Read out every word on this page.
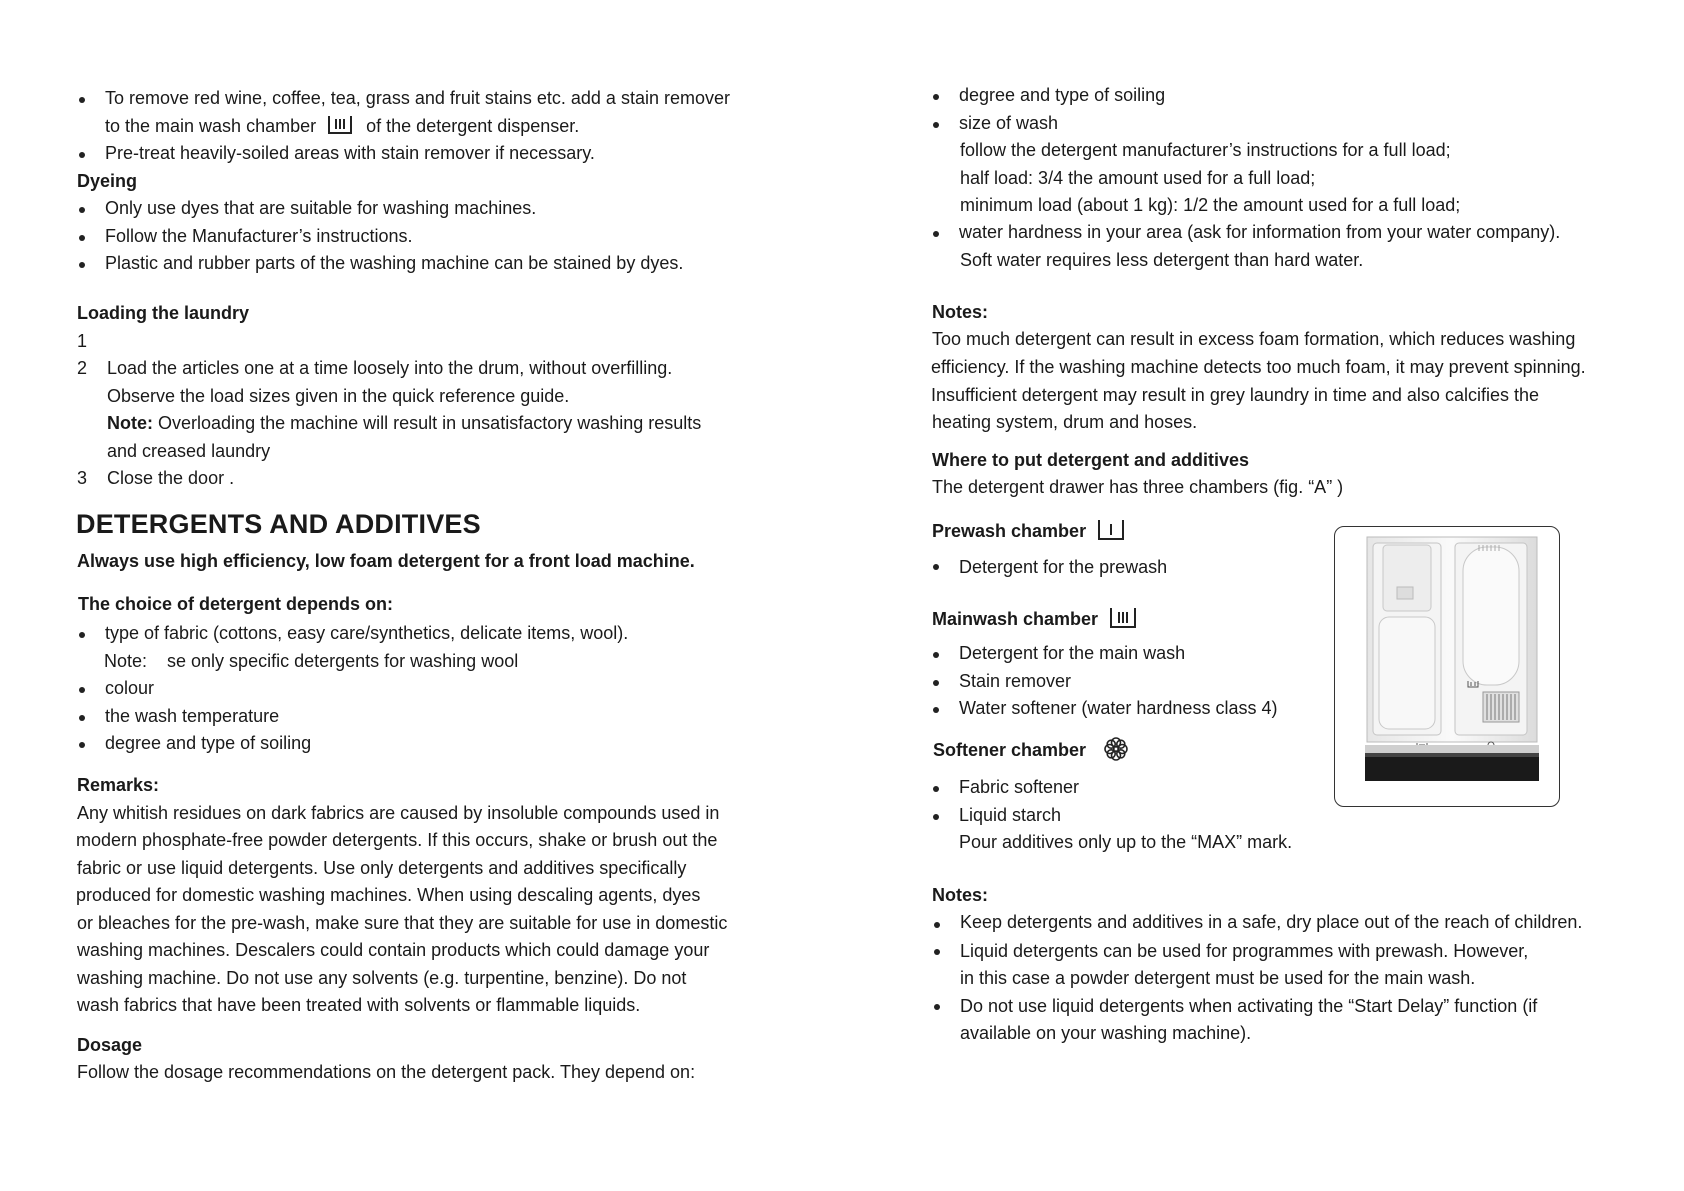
To remove red wine, coffee, tea, grass and fruit stains etc. add a stain remover
to the main wash chamber	of the detergent dispenser.
Pre-treat heavily-soiled areas with stain remover if necessary.
Dyeing
Only use dyes that are suitable for washing machines.
Follow the Manufacturer’s instructions.
Plastic and rubber parts of the washing machine can be stained by dyes.
Loading the laundry
1
2 Load the articles one at a time loosely into the drum, without overfilling.
Observe the load sizes given in the quick reference guide.
Note: Overloading the machine will result in unsatisfactory washing results
and creased laundry
3 Close the door .
DETERGENTS AND ADDITIVES
Always use high efficiency, low foam detergent for a front load machine.
The choice of detergent depends on:
type of fabric (cottons, easy care/synthetics, delicate items, wool).
Note:    se only specific detergents for washing wool
colour
the wash temperature
degree and type of soiling
Remarks:
Any whitish residues on dark fabrics are caused by insoluble compounds used in
modern phosphate-free powder detergents. If this occurs, shake or brush out the
fabric or use liquid detergents. Use only detergents and additives specifically
produced for domestic washing machines. When using descaling agents, dyes
or bleaches for the pre-wash, make sure that they are suitable for use in domestic
washing machines. Descalers could contain products which could damage your
washing machine. Do not use any solvents (e.g. turpentine, benzine). Do not
wash fabrics that have been treated with solvents or flammable liquids.
Dosage
Follow the dosage recommendations on the detergent pack. They depend on:
degree and type of soiling
size of wash
follow the detergent manufacturer’s instructions for a full load;
half load: 3/4 the amount used for a full load;
minimum load (about 1 kg): 1/2 the amount used for a full load;
water hardness in your area (ask for information from your water company).
Soft water requires less detergent than hard water.
Notes:
Too much detergent can result in excess foam formation, which reduces washing
efficiency. If the washing machine detects too much foam, it may prevent spinning.
Insufficient detergent may result in grey laundry in time and also calcifies the
heating system, drum and hoses.
Where to put detergent and additives
The detergent drawer has three chambers (fig. “A” )
Prewash chamber
Detergent for the prewash
Mainwash chamber
Detergent for the main wash
Stain remover
Water softener (water hardness class 4)
Softener chamber
Fabric softener
Liquid starch
Pour additives only up to the “MAX” mark.
Notes:
Keep detergents and additives in a safe, dry place out of the reach of children.
Liquid detergents can be used for programmes with prewash. However,
in this case a powder detergent must be used for the main wash.
Do not use liquid detergents when activating the “Start Delay” function (if
available on your washing machine).
